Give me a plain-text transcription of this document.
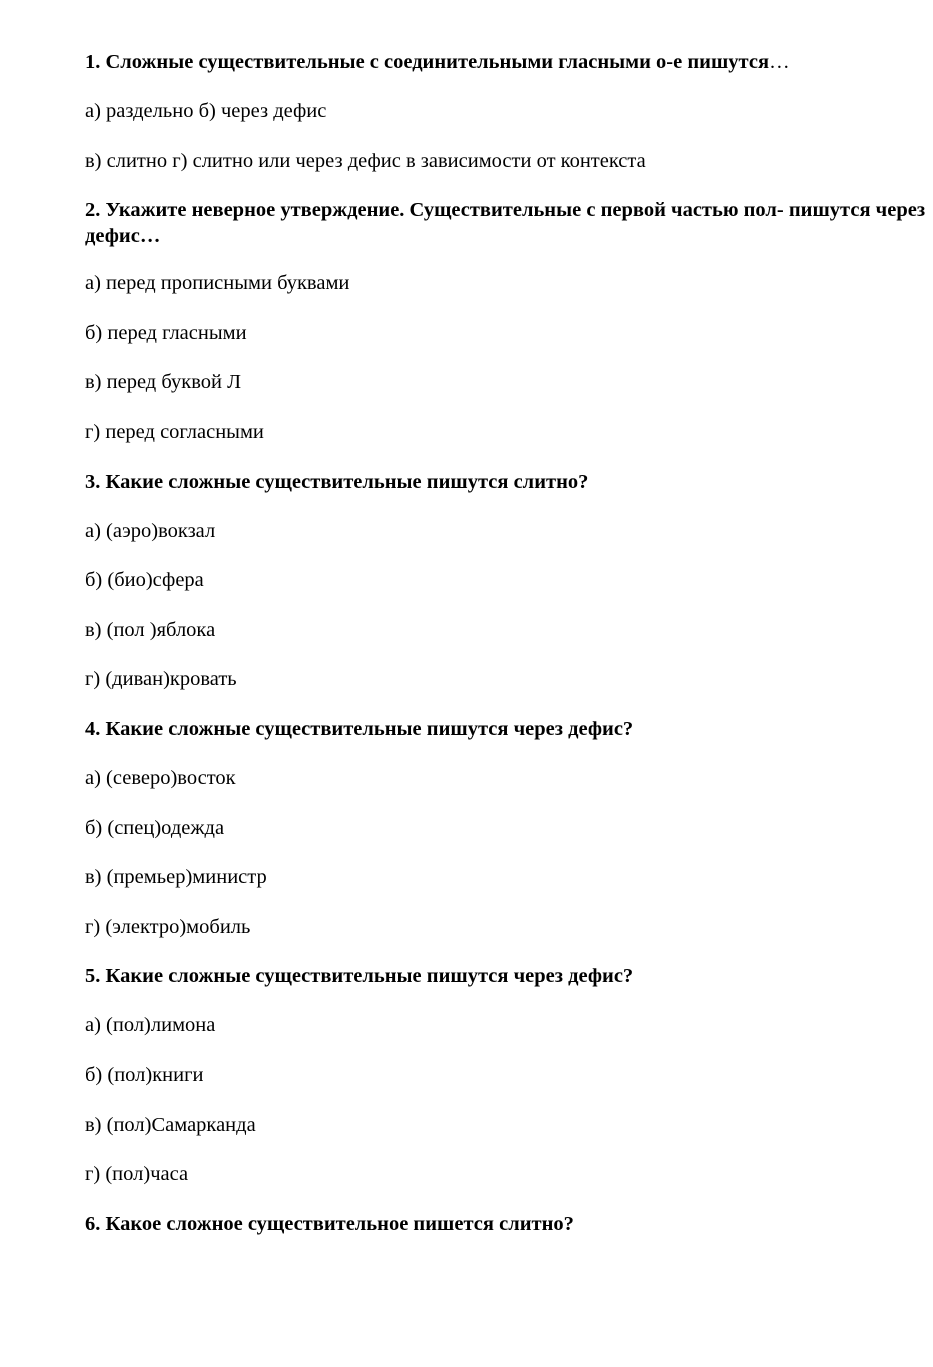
1. Сложные существительные с соединительными гласными о-е пишутся…
а) раздельно б) через дефис
в) слитно г) слитно или через дефис в зависимости от контекста
2. Укажите неверное утверждение. Существительные с первой частью пол- пишутся через дефис…
а) перед прописными буквами
б) перед гласными
в) перед буквой Л
г) перед согласными
3. Какие сложные существительные пишутся слитно?
а) (аэро)вокзал
б) (био)сфера
в) (пол )яблока
г) (диван)кровать
4. Какие сложные существительные пишутся через дефис?
а) (северо)восток
б) (спец)одежда
в) (премьер)министр
г) (электро)мобиль
5. Какие сложные существительные пишутся через дефис?
а) (пол)лимона
б) (пол)книги
в) (пол)Самарканда
г) (пол)часа
6. Какое сложное существительное пишется слитно?
